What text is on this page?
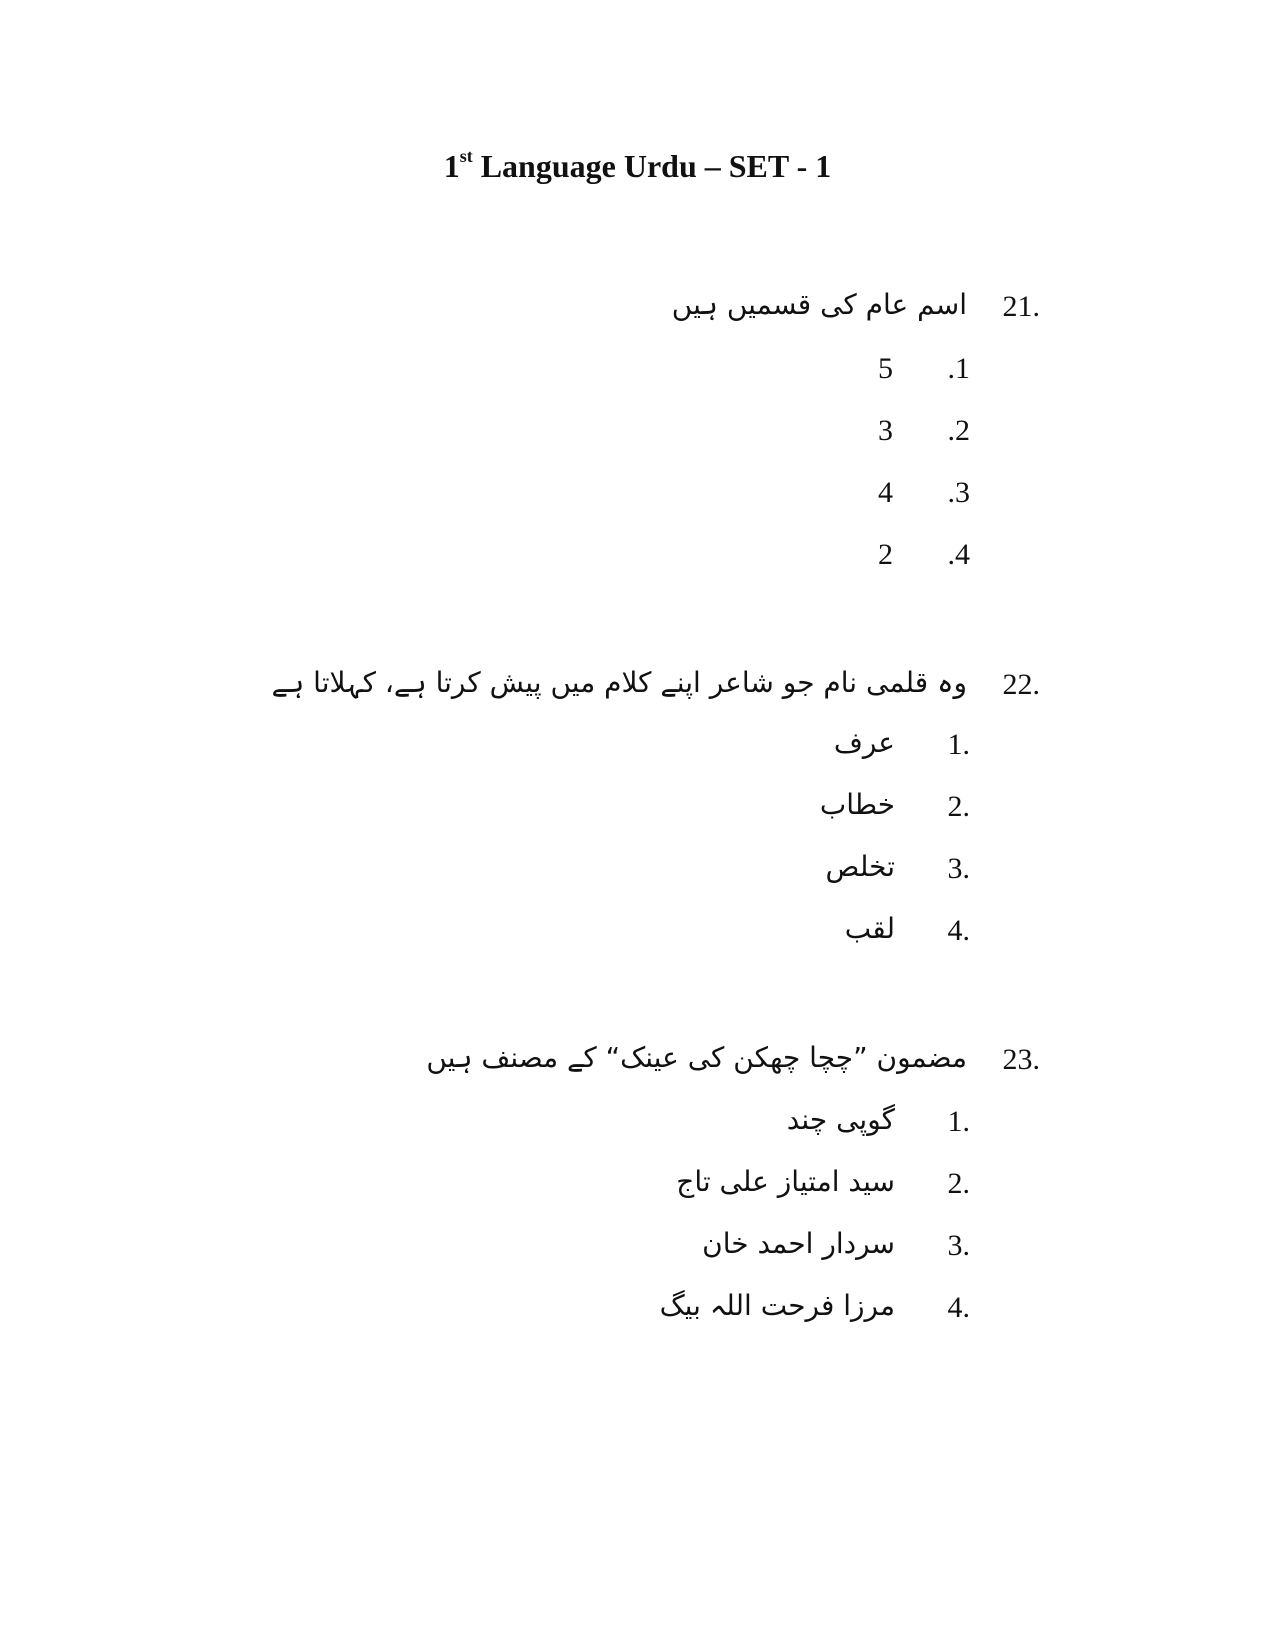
1st Language Urdu – SET - 1
21.
اسم عام کی قسمیں ہیں
.1
5
.2
3
.3
4
.4
2
22.
وہ قلمی نام جو شاعر اپنے کلام میں پیش کرتا ہے، کہلاتا ہے
1.
عرف
2.
خطاب
3.
تخلص
4.
لقب
23.
مضمون ”چچا چھکن کی عینک“ کے مصنف ہیں
1.
گوپی چند
2.
سید امتیاز علی تاج
3.
سردار احمد خان
4.
مرزا فرحت اللہ بیگ
